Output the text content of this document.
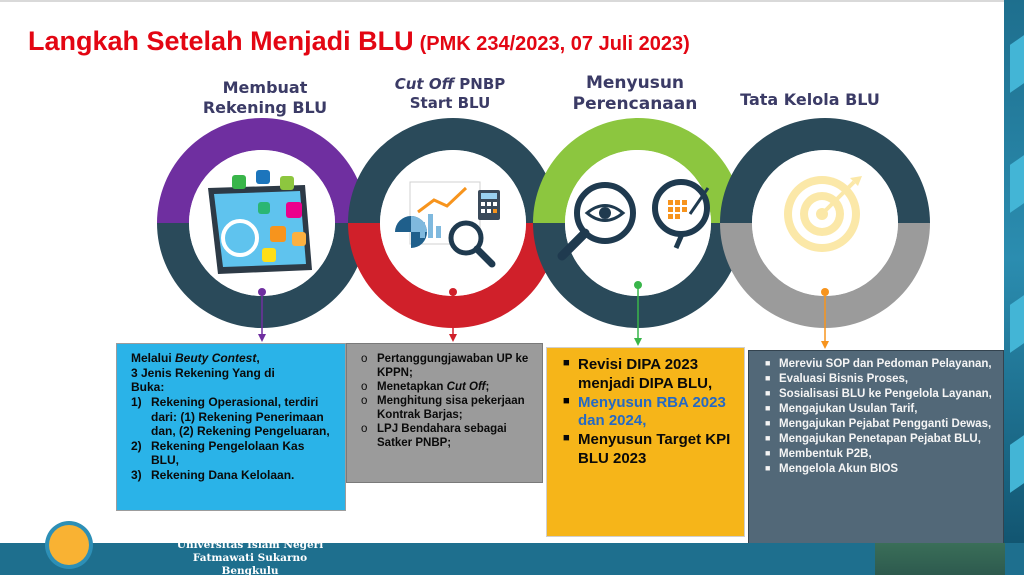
Langkah Setelah Menjadi BLU (PMK 234/2023, 07 Juli 2023)
Membuat
Rekening BLU
Cut Off PNBP
Start BLU
Menyusun
Perencanaan	Tata Kelola BLU

Melalui Beuty Contest,

3 Jenis Rekening Yang di

Buka:

1) Rekening Operasional, terdiri dari: (1) Rekening Penerimaan dan, (2) Rekening Pengeluaran,
2) Rekening Pengelolaan Kas BLU,
3) Rekening Dana Kelolaan.
o Pertanggungjawaban UP ke KPPN;
o Menetapkan Cut Off;
o Menghitung sisa pekerjaan Kontrak Barjas;
o LPJ Bendahara sebagai Satker PNBP;
■ Revisi DIPA 2023 menjadi DIPA BLU,
■ Menyusun RBA 2023 dan 2024,
■ Menyusun Target KPI BLU 2023
■ Mereviu SOP dan Pedoman Pelayanan,
■ Evaluasi Bisnis Proses,
■ Sosialisasi BLU ke Pengelola Layanan,
■ Mengajukan Usulan Tarif,
■ Mengajukan Pejabat Pengganti Dewas,
■ Mengajukan Penetapan Pejabat BLU,
■ Membentuk P2B,
■ Mengelola Akun BIOS
Universitas Islam Negeri
Fatmawati Sukarno Bengkulu
